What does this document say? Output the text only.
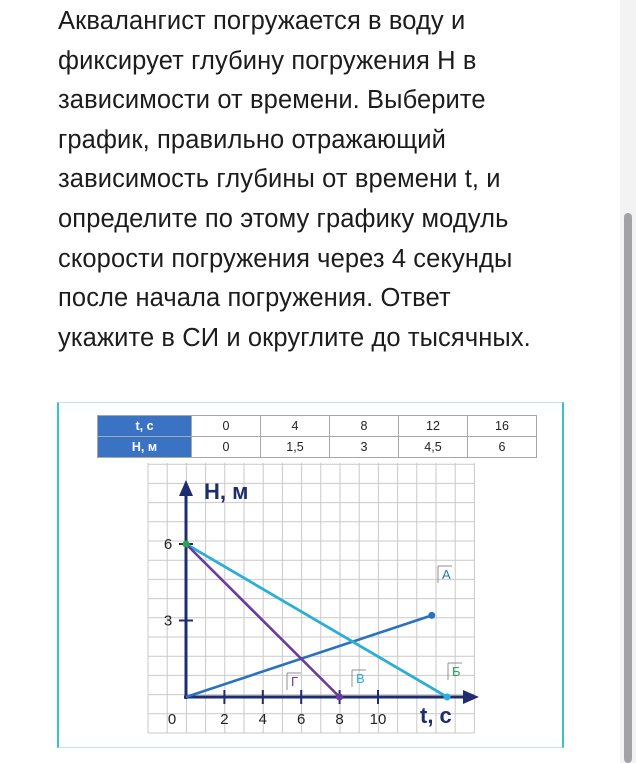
Аквалангист погружается в воду и
фиксирует глубину погружения H в
зависимости от времени. Выберите
график, правильно отражающий
зависимость глубины от времени t, и
определите по этому графику модуль
скорости погружения через 4 секунды
после начала погружения. Ответ
укажите в СИ и округлите до тысячных.
t, c	0	4	8	12	16
H, м	0	1,5	3	4,5	6
А
Б
В
Г
H, м
t, с
0	2 4 6 8 10
3
6
